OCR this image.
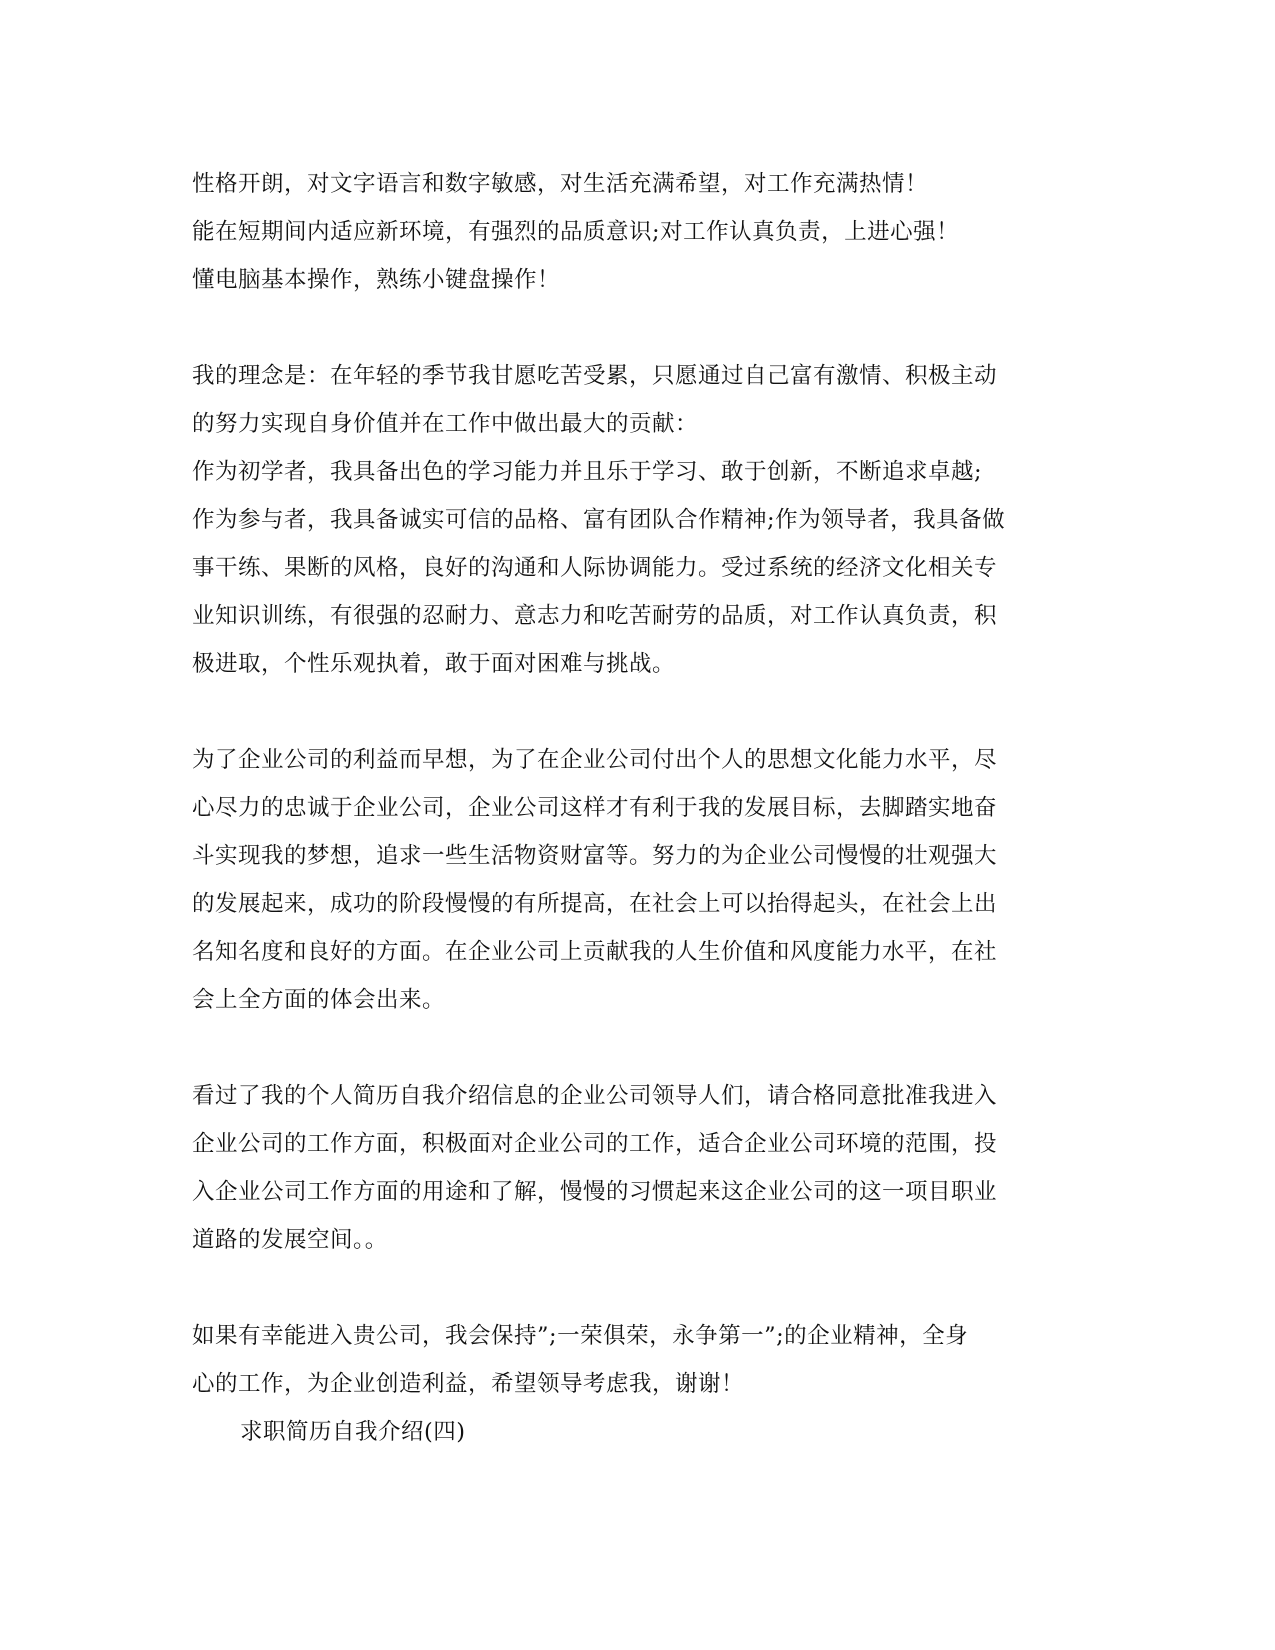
性格开朗，对文字语言和数字敏感，对生活充满希望，对工作充满热情！
能在短期间内适应新环境，有强烈的品质意识;对工作认真负责，上进心强！
懂电脑基本操作，熟练小键盘操作！
我的理念是：在年轻的季节我甘愿吃苦受累，只愿通过自己富有激情、积极主动
的努力实现自身价值并在工作中做出最大的贡献：
作为初学者，我具备出色的学习能力并且乐于学习、敢于创新，不断追求卓越;
作为参与者，我具备诚实可信的品格、富有团队合作精神;作为领导者，我具备做
事干练、果断的风格，良好的沟通和人际协调能力。受过系统的经济文化相关专
业知识训练，有很强的忍耐力、意志力和吃苦耐劳的品质，对工作认真负责，积
极进取，个性乐观执着，敢于面对困难与挑战。
为了企业公司的利益而早想，为了在企业公司付出个人的思想文化能力水平，尽
心尽力的忠诚于企业公司，企业公司这样才有利于我的发展目标，去脚踏实地奋
斗实现我的梦想，追求一些生活物资财富等。努力的为企业公司慢慢的壮观强大
的发展起来，成功的阶段慢慢的有所提高，在社会上可以抬得起头，在社会上出
名知名度和良好的方面。在企业公司上贡献我的人生价值和风度能力水平，在社
会上全方面的体会出来。
看过了我的个人简历自我介绍信息的企业公司领导人们，请合格同意批准我进入
企业公司的工作方面，积极面对企业公司的工作，适合企业公司环境的范围，投
入企业公司工作方面的用途和了解，慢慢的习惯起来这企业公司的这一项目职业
道路的发展空间。。
如果有幸能进入贵公司，我会保持”;一荣俱荣，永争第一”;的企业精神，全身
心的工作，为企业创造利益，希望领导考虑我，谢谢！
求职简历自我介绍(四)
